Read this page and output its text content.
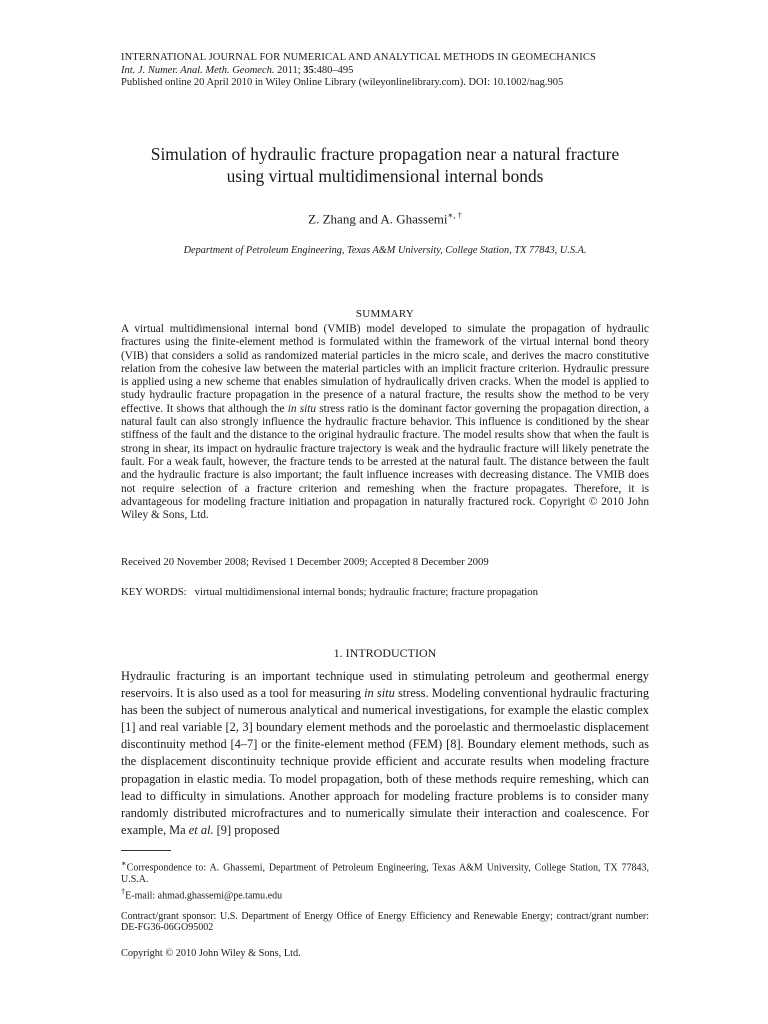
INTERNATIONAL JOURNAL FOR NUMERICAL AND ANALYTICAL METHODS IN GEOMECHANICS
Int. J. Numer. Anal. Meth. Geomech. 2011; 35:480–495
Published online 20 April 2010 in Wiley Online Library (wileyonlinelibrary.com). DOI: 10.1002/nag.905
Simulation of hydraulic fracture propagation near a natural fracture
using virtual multidimensional internal bonds
Z. Zhang and A. Ghassemi∗, †
Department of Petroleum Engineering, Texas A&M University, College Station, TX 77843, U.S.A.
SUMMARY

A virtual multidimensional internal bond (VMIB) model developed to simulate the propagation of hydraulic fractures using the finite-element method is formulated within the framework of the virtual internal bond theory (VIB) that considers a solid as randomized material particles in the micro scale, and derives the macro constitutive relation from the cohesive law between the material particles with an implicit fracture criterion. Hydraulic pressure is applied using a new scheme that enables simulation of hydraulically driven cracks. When the model is applied to study hydraulic fracture propagation in the presence of a natural fracture, the results show the method to be very effective. It shows that although the in situ stress ratio is the dominant factor governing the propagation direction, a natural fault can also strongly influence the hydraulic fracture behavior. This influence is conditioned by the shear stiffness of the fault and the distance to the original hydraulic fracture. The model results show that when the fault is strong in shear, its impact on hydraulic fracture trajectory is weak and the hydraulic fracture will likely penetrate the fault. For a weak fault, however, the fracture tends to be arrested at the natural fault. The distance between the fault and the hydraulic fracture is also important; the fault influence increases with decreasing distance. The VMIB does not require selection of a fracture criterion and remeshing when the fracture propagates. Therefore, it is advantageous for modeling fracture initiation and propagation in naturally fractured rock. Copyright © 2010 John Wiley & Sons, Ltd.

Received 20 November 2008; Revised 1 December 2009; Accepted 8 December 2009
KEY WORDS: virtual multidimensional internal bonds; hydraulic fracture; fracture propagation
1. INTRODUCTION

Hydraulic fracturing is an important technique used in stimulating petroleum and geothermal energy reservoirs. It is also used as a tool for measuring in situ stress. Modeling conventional hydraulic fracturing has been the subject of numerous analytical and numerical investigations, for example the elastic complex [1] and real variable [2, 3] boundary element methods and the poroelastic and thermoelastic displacement discontinuity method [4–7] or the finite-element method (FEM) [8]. Boundary element methods, such as the displacement discontinuity technique provide efficient and accurate results when modeling fracture propagation in elastic media. To model propagation, both of these methods require remeshing, which can lead to difficulty in simulations. Another approach for modeling fracture problems is to consider many randomly distributed microfractures and to numerically simulate their interaction and coalescence. For example, Ma et al. [9] proposed

∗Correspondence to: A. Ghassemi, Department of Petroleum Engineering, Texas A&M University, College Station, TX 77843, U.S.A.

†E-mail: ahmad.ghassemi@pe.tamu.edu

Contract/grant sponsor: U.S. Department of Energy Office of Energy Efficiency and Renewable Energy; contract/grant number: DE-FG36-06GO95002

Copyright © 2010 John Wiley & Sons, Ltd.
